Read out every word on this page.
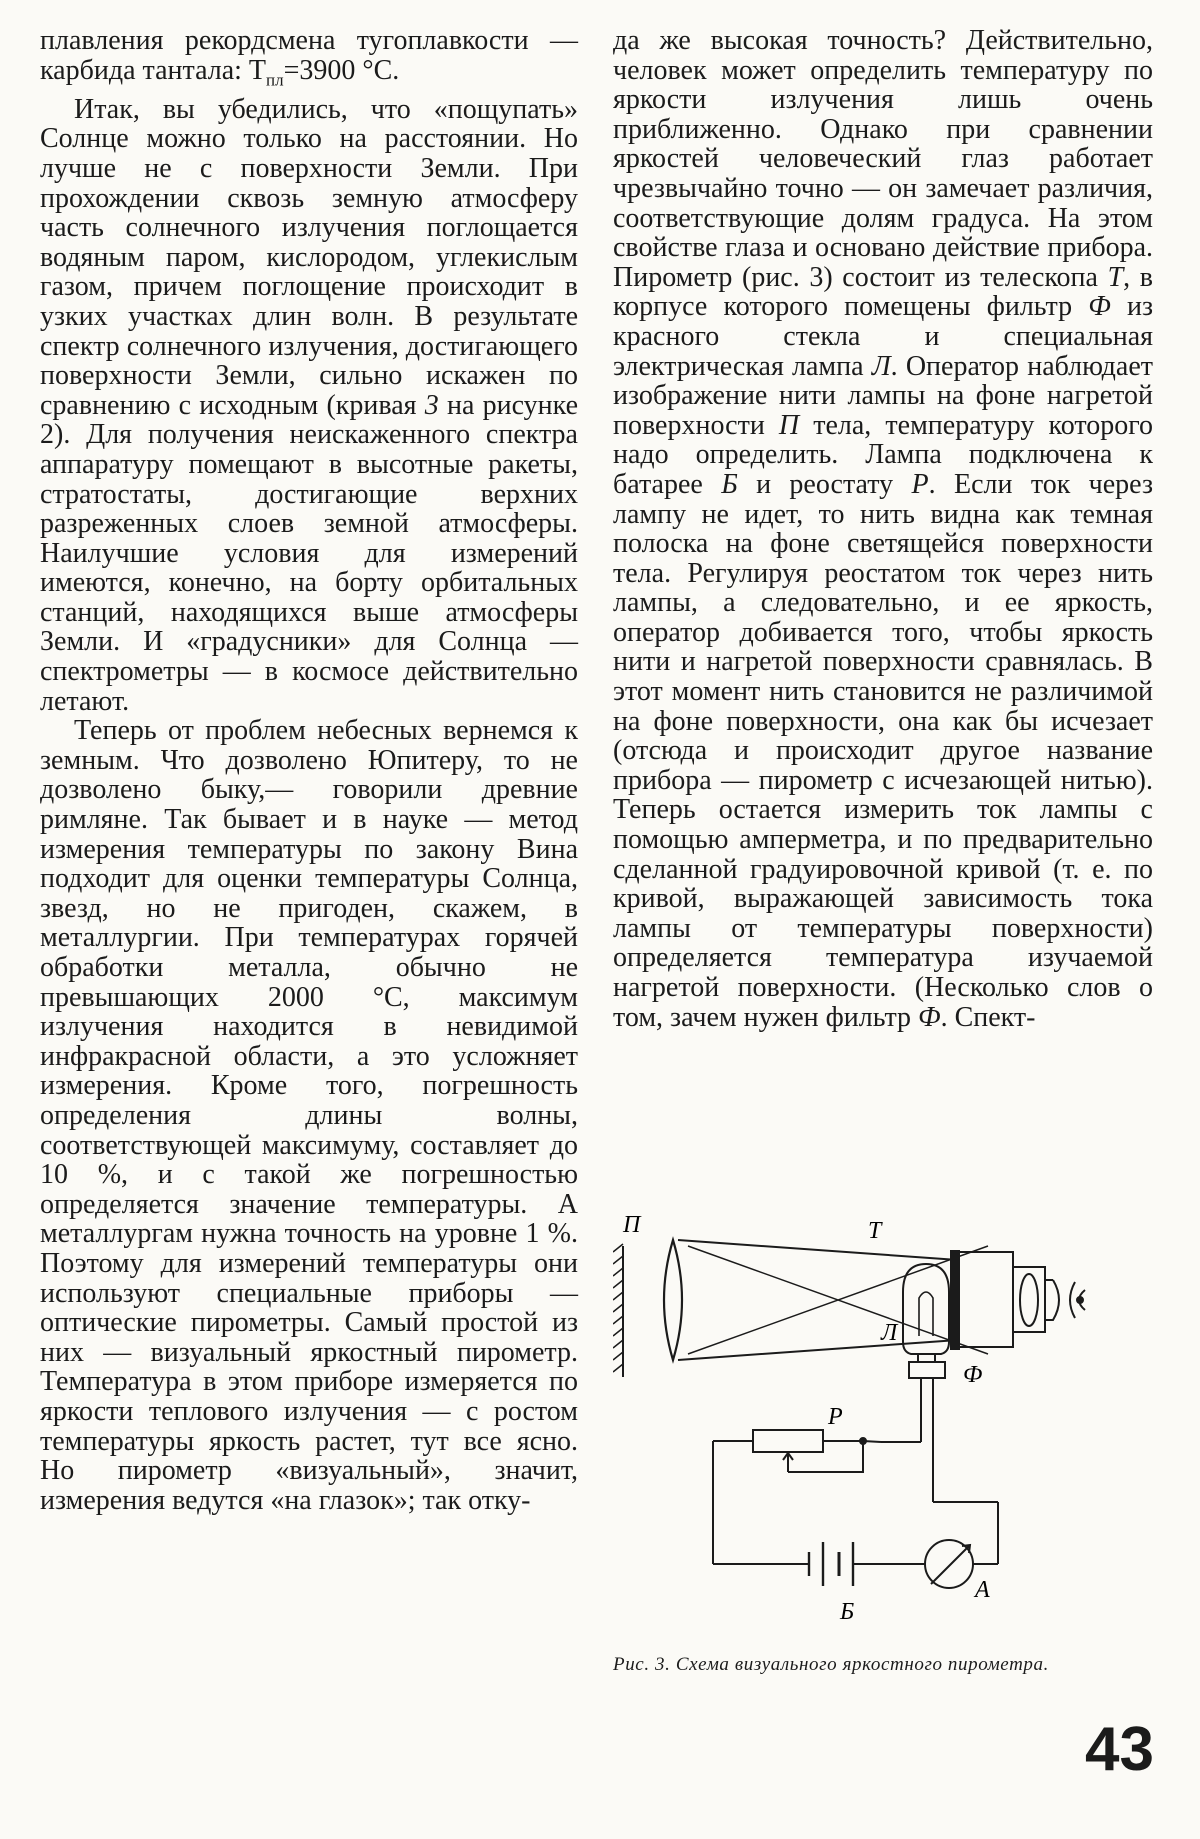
плавления рекордсмена тугоплавкости — карбида тантала: $T_{пл}=3900$ °С.

Итак, вы убедились, что «пощупать» Солнце можно только на расстоянии. Но лучше не с поверхности Земли. При прохождении сквозь земную атмосферу часть солнечного излучения поглощается водяным паром, кислородом, углекислым газом, причем поглощение происходит в узких участках длин волн. В результате спектр солнечного излучения, достигающего поверхности Земли, сильно искажен по сравнению с исходным (кривая 3 на рисунке 2). Для получения неискаженного спектра аппаратуру помещают в высотные ракеты, стратостаты, достигающие верхних разреженных слоев земной атмосферы. Наилучшие условия для измерений имеются, конечно, на борту орбитальных станций, находящихся выше атмосферы Земли. И «градусники» для Солнца — спектрометры — в космосе действительно летают.

Теперь от проблем небесных вернемся к земным. Что дозволено Юпитеру, то не дозволено быку,— говорили древние римляне. Так бывает и в науке — метод измерения температуры по закону Вина подходит для оценки температуры Солнца, звезд, но не пригоден, скажем, в металлургии. При температурах горячей обработки металла, обычно не превышающих 2000 °С, максимум излучения находится в невидимой инфракрасной области, а это усложняет измерения. Кроме того, погрешность определения длины волны, соответствующей максимуму, составляет до 10 %, и с такой же погрешностью определяется значение температуры. А металлургам нужна точность на уровне 1 %. Поэтому для измерений температуры они используют специальные приборы — оптические пирометры. Самый простой из них — визуальный яркостный пирометр. Температура в этом приборе измеряется по яркости теплового излучения — с ростом температуры яркость растет, тут все ясно. Но пирометр «визуальный», значит, измерения ведутся «на глазок»; так отку-

да же высокая точность? Действительно, человек может определить температуру по яркости излучения лишь очень приближенно. Однако при сравнении яркостей человеческий глаз работает чрезвычайно точно — он замечает различия, соответствующие долям градуса. На этом свойстве глаза и основано действие прибора. Пирометр (рис. 3) состоит из телескопа T, в корпусе которого помещены фильтр Ф из красного стекла и специальная электрическая лампа Л. Оператор наблюдает изображение нити лампы на фоне нагретой поверхности П тела, температуру которого надо определить. Лампа подключена к батарее Б и реостату Р. Если ток через лампу не идет, то нить видна как темная полоска на фоне светящейся поверхности тела. Регулируя реостатом ток через нить лампы, а следовательно, и ее яркость, оператор добивается того, чтобы яркость нити и нагретой поверхности сравнялась. В этот момент нить становится не различимой на фоне поверхности, она как бы исчезает (отсюда и происходит другое название прибора — пирометр с исчезающей нитью). Теперь остается измерить ток лампы с помощью амперметра, и по предварительно сделанной градуировочной кривой (т. е. по кривой, выражающей зависимость тока лампы от температуры поверхности) определяется температура изучаемой нагретой поверхности. (Несколько слов о том, зачем нужен фильтр Ф. Спект-

П	Т
Л
Ф
Р
Б
А
Рис. 3. Схема визуального яркостного пирометра.
43
